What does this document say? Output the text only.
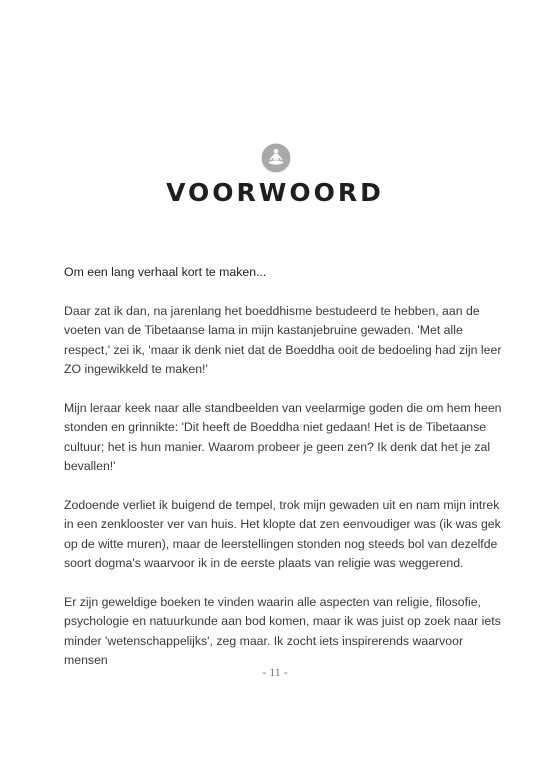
VOORWOORD

Om een lang verhaal kort te maken...

Daar zat ik dan, na jarenlang het boeddhisme bestudeerd te hebben, aan de voeten van de Tibetaanse lama in mijn kastanjebruine gewaden. 'Met alle respect,' zei ik, 'maar ik denk niet dat de Boeddha ooit de bedoeling had zijn leer ZO ingewikkeld te maken!'

Mijn leraar keek naar alle standbeelden van veelarmige goden die om hem heen stonden en grinnikte: 'Dit heeft de Boeddha niet gedaan! Het is de Tibetaanse cultuur; het is hun manier. Waarom probeer je geen zen? Ik denk dat het je zal bevallen!'

Zodoende verliet ik buigend de tempel, trok mijn gewaden uit en nam mijn intrek in een zenklooster ver van huis. Het klopte dat zen eenvoudiger was (ik was gek op de witte muren), maar de leerstellingen stonden nog steeds bol van dezelfde soort dogma's waarvoor ik in de eerste plaats van religie was weggerend.

Er zijn geweldige boeken te vinden waarin alle aspecten van religie, filosofie, psychologie en natuurkunde aan bod komen, maar ik was juist op zoek naar iets minder 'wetenschappelijks', zeg maar. Ik zocht iets inspirerends waarvoor mensen

- 11 -
